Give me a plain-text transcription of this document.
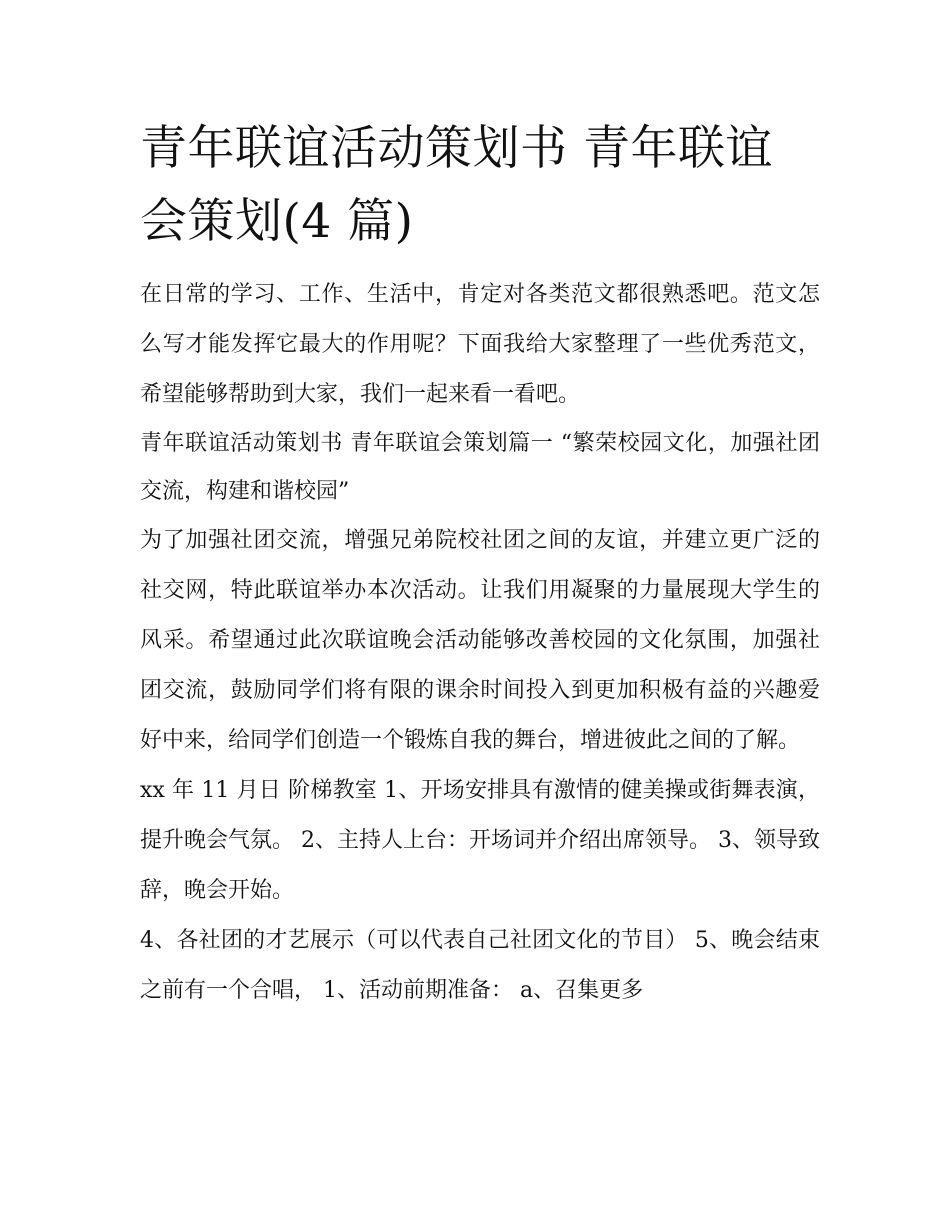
青年联谊活动策划书 青年联谊会策划(4 篇)

在日常的学习、工作、生活中，肯定对各类范文都很熟悉吧。范文怎么写才能发挥它最大的作用呢？下面我给大家整理了一些优秀范文，希望能够帮助到大家，我们一起来看一看吧。

青年联谊活动策划书 青年联谊会策划篇一 “繁荣校园文化，加强社团交流，构建和谐校园”

为了加强社团交流，增强兄弟院校社团之间的友谊，并建立更广泛的社交网，特此联谊举办本次活动。让我们用凝聚的力量展现大学生的风采。希望通过此次联谊晚会活动能够改善校园的文化氛围，加强社团交流，鼓励同学们将有限的课余时间投入到更加积极有益的兴趣爱好中来，给同学们创造一个锻炼自我的舞台，增进彼此之间的了解。

xx 年 11 月日 阶梯教室 1、开场安排具有激情的健美操或街舞表演，提升晚会气氛。 2、主持人上台：开场词并介绍出席领导。 3、领导致辞，晚会开始。

4、各社团的才艺展示（可以代表自己社团文化的节目） 5、晚会结束之前有一个合唱， 1、活动前期准备： a、召集更多
